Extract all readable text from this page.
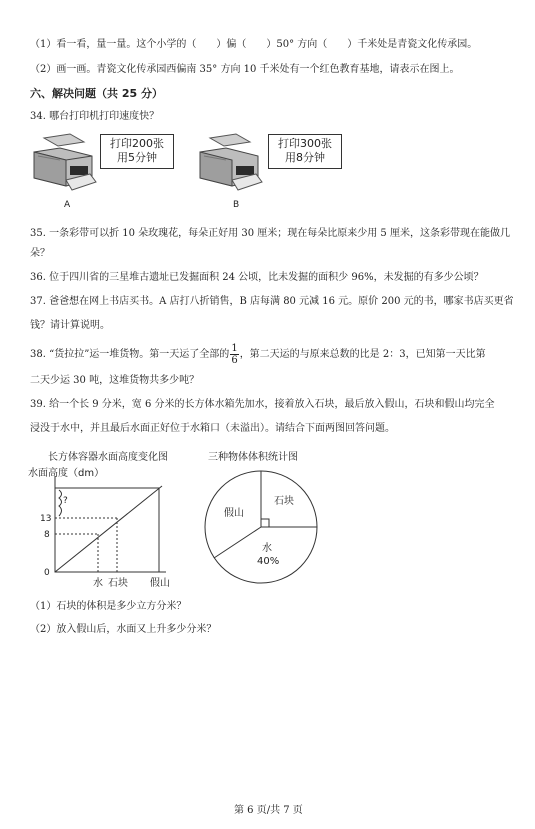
（1）看一看，量一量。这个小学的（　　）偏（　　）50° 方向（　　）千米处是青瓷文化传承园。
（2）画一画。青瓷文化传承园西偏南 35° 方向 10 千米处有一个红色教育基地，请表示在图上。
六、解决问题（共 25 分）
34. 哪台打印机打印速度快？
打印200张
用5分钟
A
打印300张
用8分钟
B
35. 一条彩带可以折 10 朵玫瑰花，每朵正好用 30 厘米；现在每朵比原来少用 5 厘米，这条彩带现在能做几
朵？
36. 位于四川省的三星堆古遗址已发掘面积 24 公顷，比未发掘的面积少 96%，未发掘的有多少公顷？
37. 爸爸想在网上书店买书。A 店打八折销售，B 店每满 80 元减 16 元。原价 200 元的书，哪家书店买更省
钱？请计算说明。
38. “货拉拉”运一堆货物。第一天运了全部的 $\frac{1}{6}$ ，第二天运的与原来总数的比是 2：3，已知第一天比第
二天少运 30 吨，这堆货物共多少吨？
39. 给一个长 9 分米，宽 6 分米的长方体水箱先加水，接着放入石块，最后放入假山，石块和假山均完全
浸没于水中，并且最后水面正好位于水箱口（未溢出）。请结合下面两图回答问题。
长方体容器水面高度变化图
水面高度（dm）
?
13
8
0
水 石块 假山
三种物体体积统计图
假山
石块
水
40%
（1）石块的体积是多少立方分米？
（2）放入假山后，水面又上升多少分米？
第 6 页/共 7 页
